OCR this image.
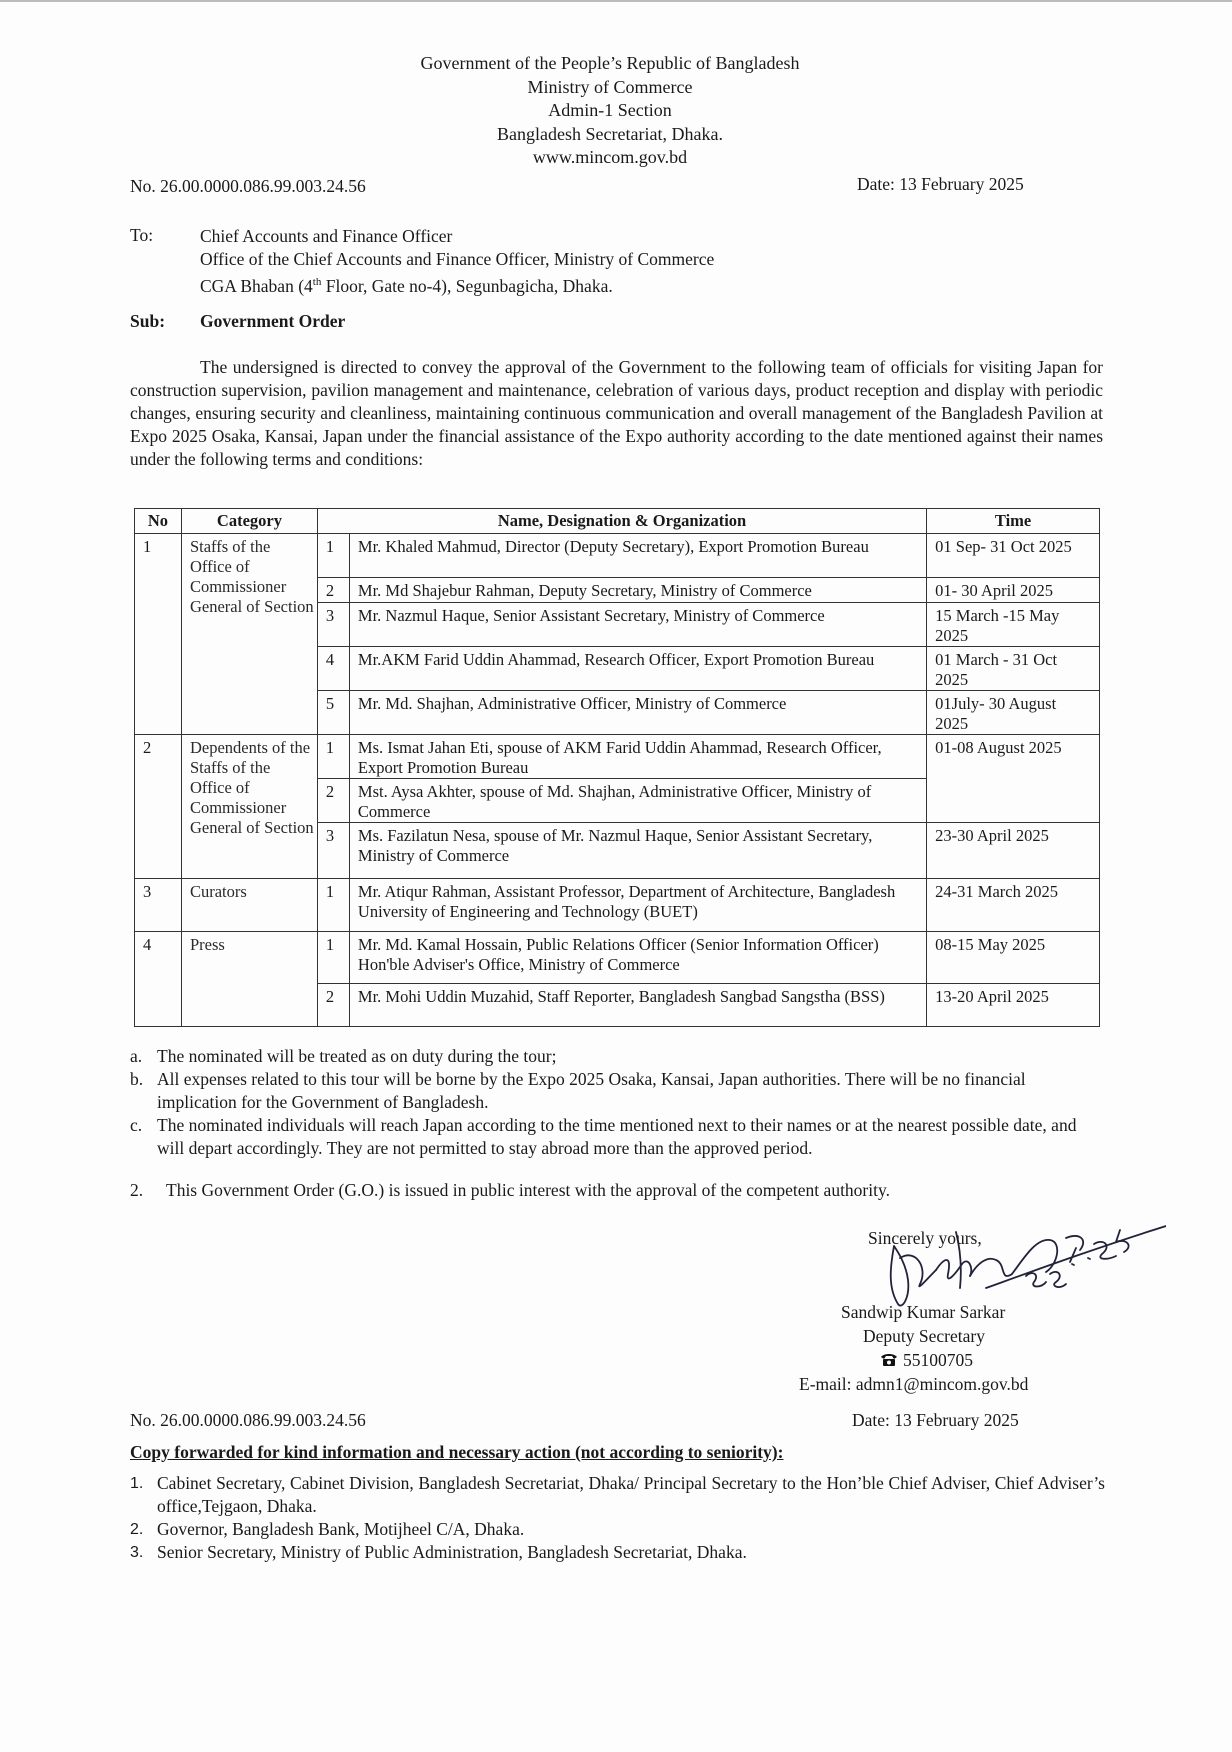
Government of the People’s Republic of Bangladesh
Ministry of Commerce
Admin-1 Section
Bangladesh Secretariat, Dhaka.
www.mincom.gov.bd
No. 26.00.0000.086.99.003.24.56	Date: 13 February 2025
To:	Chief Accounts and Finance Officer
Office of the Chief Accounts and Finance Officer, Ministry of Commerce
CGA Bhaban (4th Floor, Gate no-4), Segunbagicha, Dhaka.
Sub: Government Order
The undersigned is directed to convey the approval of the Government to the following team of officials for visiting Japan for construction supervision, pavilion management and maintenance, celebration of various days, product reception and display with periodic changes, ensuring security and cleanliness, maintaining continuous communication and overall management of the Bangladesh Pavilion at Expo 2025 Osaka, Kansai, Japan under the financial assistance of the Expo authority according to the date mentioned against their names under the following terms and conditions:
No	Category	Name, Designation & Organization		Time
1	Staffs of the Office of Commissioner General of Section	1	Mr. Khaled Mahmud, Director (Deputy Secretary), Export Promotion Bureau	01 Sep- 31 Oct 2025
		2	Mr. Md Shajebur Rahman, Deputy Secretary, Ministry of Commerce	01- 30 April 2025
		3	Mr. Nazmul Haque, Senior Assistant Secretary, Ministry of Commerce	15 March -15 May 2025
		4	Mr.AKM Farid Uddin Ahammad, Research Officer, Export Promotion Bureau	01 March - 31 Oct 2025
		5	Mr. Md. Shajhan, Administrative Officer, Ministry of Commerce	01July- 30 August 2025
2	Dependents of the Staffs of the Office of Commissioner General of Section	1	Ms. Ismat Jahan Eti, spouse of AKM Farid Uddin Ahammad, Research Officer, Export Promotion Bureau	01-08 August 2025
		2	Mst. Aysa Akhter, spouse of Md. Shajhan, Administrative Officer, Ministry of Commerce	
		3	Ms. Fazilatun Nesa, spouse of Mr. Nazmul Haque, Senior Assistant Secretary, Ministry of Commerce	23-30 April 2025
3	Curators	1	Mr. Atiqur Rahman, Assistant Professor, Department of Architecture, Bangladesh University of Engineering and Technology (BUET)	24-31 March 2025
4	Press	1	Mr. Md. Kamal Hossain, Public Relations Officer (Senior Information Officer) Hon'ble Adviser's Office, Ministry of Commerce	08-15 May 2025
		2	Mr. Mohi Uddin Muzahid, Staff Reporter, Bangladesh Sangbad Sangstha (BSS)	13-20 April 2025
a. The nominated will be treated as on duty during the tour;
b. All expenses related to this tour will be borne by the Expo 2025 Osaka, Kansai, Japan authorities. There will be no financial implication for the Government of Bangladesh.
c. The nominated individuals will reach Japan according to the time mentioned next to their names or at the nearest possible date, and will depart accordingly. They are not permitted to stay abroad more than the approved period.
2. This Government Order (G.O.) is issued in public interest with the approval of the competent authority.
Sincerely yours,
Sandwip Kumar Sarkar
Deputy Secretary
55100705
E-mail: admn1@mincom.gov.bd
No. 26.00.0000.086.99.003.24.56	Date: 13 February 2025
Copy forwarded for kind information and necessary action (not according to seniority):
1. Cabinet Secretary, Cabinet Division, Bangladesh Secretariat, Dhaka/ Principal Secretary to the Hon’ble Chief Adviser, Chief Adviser’s office,Tejgaon, Dhaka.
2. Governor, Bangladesh Bank, Motijheel C/A, Dhaka.
3. Senior Secretary, Ministry of Public Administration, Bangladesh Secretariat, Dhaka.
